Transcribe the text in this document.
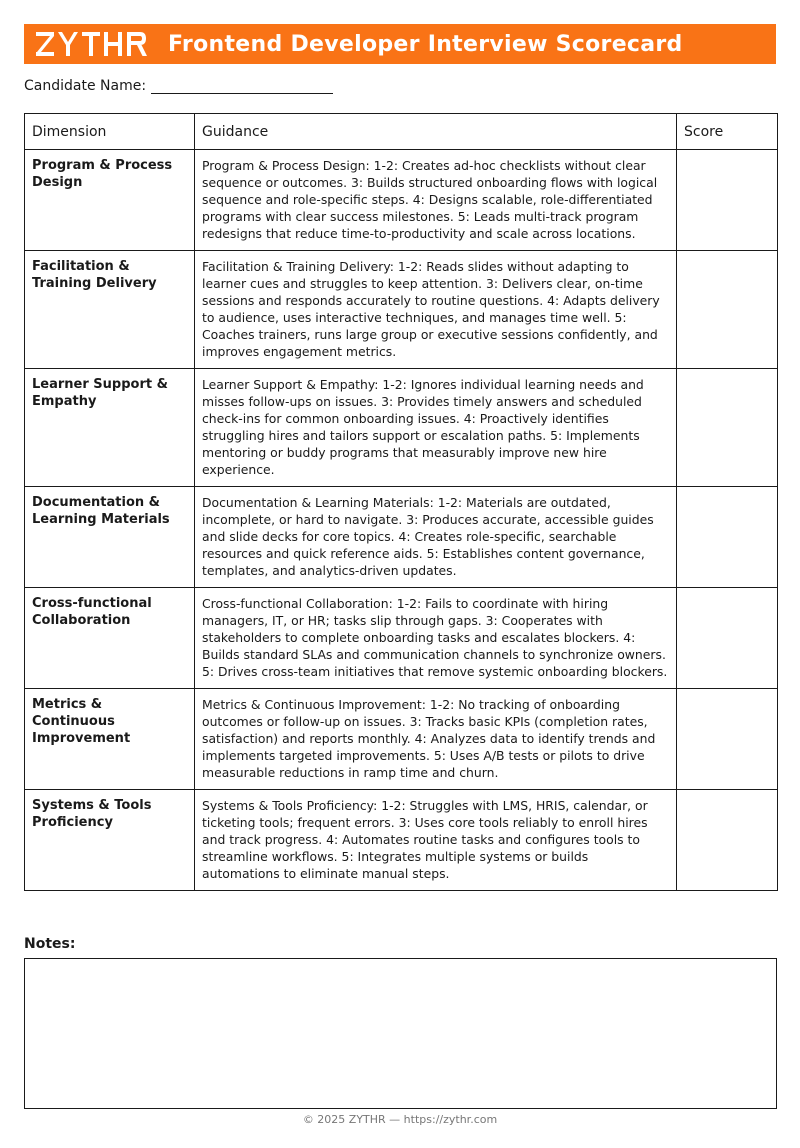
Frontend Developer Interview Scorecard
Candidate Name:
Dimension	Guidance	Score
Program & Process Design	Program & Process Design: 1-2: Creates ad-hoc checklists without clear sequence or outcomes. 3: Builds structured onboarding flows with logical sequence and role-specific steps. 4: Designs scalable, role-differentiated programs with clear success milestones. 5: Leads multi-track program redesigns that reduce time-to-productivity and scale across locations.	
Facilitation & Training Delivery	Facilitation & Training Delivery: 1-2: Reads slides without adapting to learner cues and struggles to keep attention. 3: Delivers clear, on-time sessions and responds accurately to routine questions. 4: Adapts delivery to audience, uses interactive techniques, and manages time well. 5: Coaches trainers, runs large group or executive sessions confidently, and improves engagement metrics.	
Learner Support & Empathy	Learner Support & Empathy: 1-2: Ignores individual learning needs and misses follow-ups on issues. 3: Provides timely answers and scheduled check-ins for common onboarding issues. 4: Proactively identifies struggling hires and tailors support or escalation paths. 5: Implements mentoring or buddy programs that measurably improve new hire experience.	
Documentation & Learning Materials	Documentation & Learning Materials: 1-2: Materials are outdated, incomplete, or hard to navigate. 3: Produces accurate, accessible guides and slide decks for core topics. 4: Creates role-specific, searchable resources and quick reference aids. 5: Establishes content governance, templates, and analytics-driven updates.	
Cross-functional Collaboration	Cross-functional Collaboration: 1-2: Fails to coordinate with hiring managers, IT, or HR; tasks slip through gaps. 3: Cooperates with stakeholders to complete onboarding tasks and escalates blockers. 4: Builds standard SLAs and communication channels to synchronize owners. 5: Drives cross-team initiatives that remove systemic onboarding blockers.	
Metrics & Continuous Improvement	Metrics & Continuous Improvement: 1-2: No tracking of onboarding outcomes or follow-up on issues. 3: Tracks basic KPIs (completion rates, satisfaction) and reports monthly. 4: Analyzes data to identify trends and implements targeted improvements. 5: Uses A/B tests or pilots to drive measurable reductions in ramp time and churn.	
Systems & Tools Proficiency	Systems & Tools Proficiency: 1-2: Struggles with LMS, HRIS, calendar, or ticketing tools; frequent errors. 3: Uses core tools reliably to enroll hires and track progress. 4: Automates routine tasks and configures tools to streamline workflows. 5: Integrates multiple systems or builds automations to eliminate manual steps.	
Notes:
© 2025 ZYTHR — https://zythr.com
